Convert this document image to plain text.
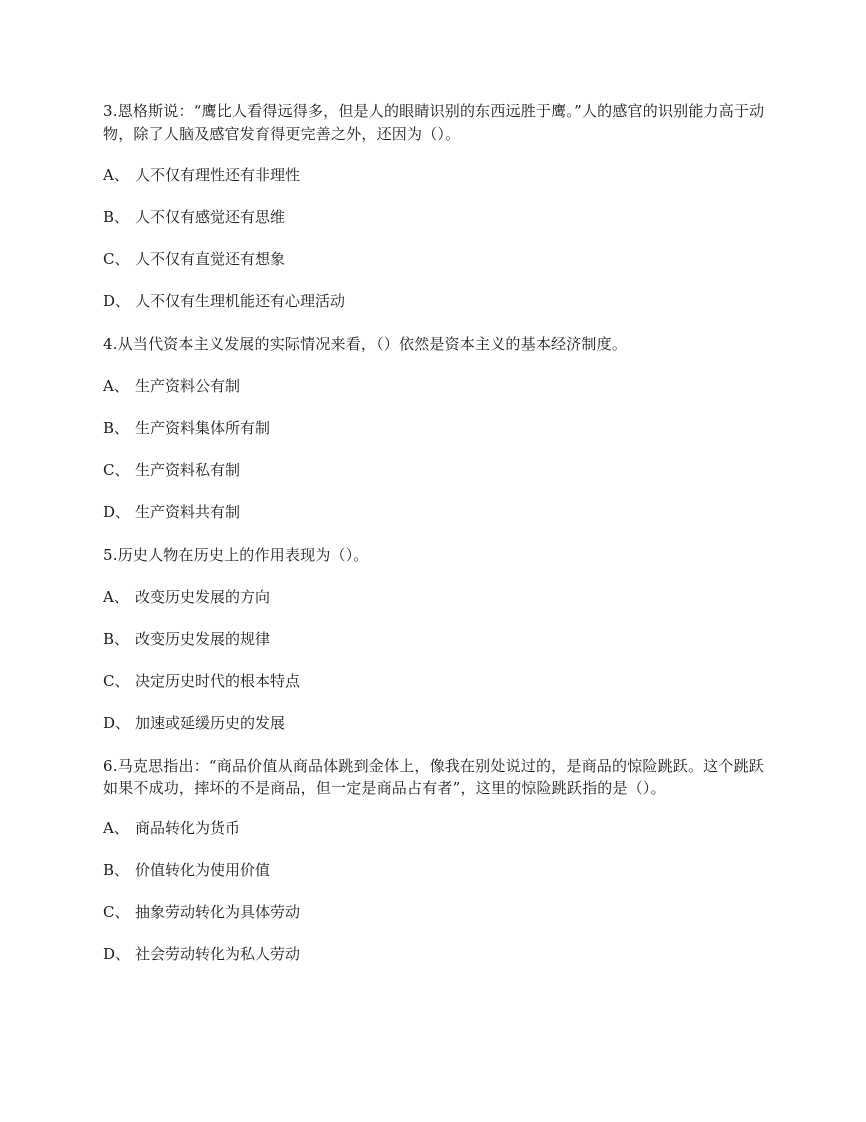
3.恩格斯说：“鹰比人看得远得多，但是人的眼睛识别的东西远胜于鹰。”人的感官的识别能力高于动物，除了人脑及感官发育得更完善之外，还因为（）。

A、 人不仅有理性还有非理性
B、 人不仅有感觉还有思维
C、 人不仅有直觉还有想象
D、 人不仅有生理机能还有心理活动

4.从当代资本主义发展的实际情况来看，（）依然是资本主义的基本经济制度。

A、 生产资料公有制
B、 生产资料集体所有制
C、 生产资料私有制
D、 生产资料共有制

5.历史人物在历史上的作用表现为（）。

A、 改变历史发展的方向
B、 改变历史发展的规律
C、 决定历史时代的根本特点
D、 加速或延缓历史的发展

6.马克思指出：“商品价值从商品体跳到金体上，像我在别处说过的，是商品的惊险跳跃。这个跳跃如果不成功，摔坏的不是商品，但一定是商品占有者”，这里的惊险跳跃指的是（）。

A、 商品转化为货币
B、 价值转化为使用价值
C、 抽象劳动转化为具体劳动
D、 社会劳动转化为私人劳动
